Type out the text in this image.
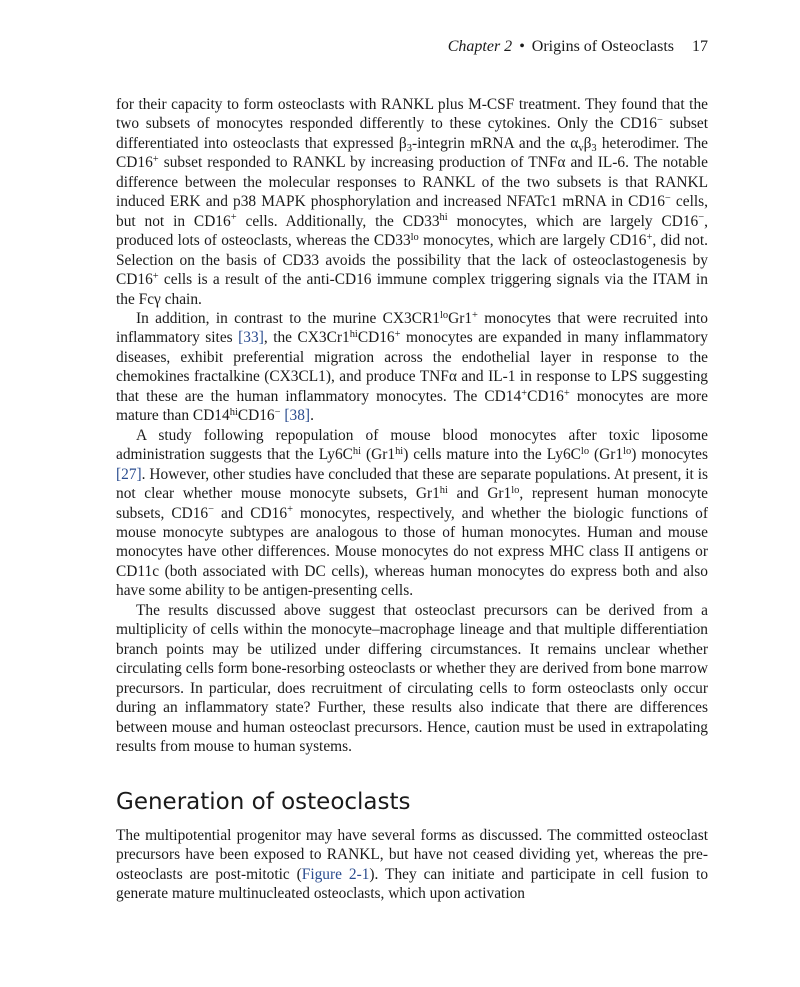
Chapter 2 • Origins of Osteoclasts 17

for their capacity to form osteoclasts with RANKL plus M-CSF treatment. They found that the two subsets of monocytes responded differently to these cytokines. Only the CD16− subset differentiated into osteoclasts that expressed $\beta_3$-integrin mRNA and the $\alpha_v\beta_3$ heterodimer. The CD16+ subset responded to RANKL by increasing production of TNFα and IL-6. The notable difference between the molecular responses to RANKL of the two subsets is that RANKL induced ERK and p38 MAPK phosphorylation and increased NFATc1 mRNA in CD16− cells, but not in CD16+ cells. Additionally, the $CD33^{hi}$ monocytes, which are largely CD16−, produced lots of osteoclasts, whereas the $CD33^{lo}$ monocytes, which are largely CD16+, did not. Selection on the basis of CD33 avoids the possibility that the lack of osteoclastogenesis by CD16+ cells is a result of the anti-CD16 immune complex triggering signals via the ITAM in the Fcγ chain.

In addition, in contrast to the murine $CX3CR1^{lo}Gr1^+$ monocytes that were recruited into inflammatory sites [33], the $CX3Cr1^{hi}CD16^+$ monocytes are expanded in many inflammatory diseases, exhibit preferential migration across the endothelial layer in response to the chemokines fractalkine (CX3CL1), and produce TNFα and IL-1 in response to LPS suggesting that these are the human inflammatory monocytes. The CD14+CD16+ monocytes are more mature than $CD14^{hi}CD16^-$ [38].

A study following repopulation of mouse blood monocytes after toxic liposome administration suggests that the $Ly6C^{hi}$ $(Gr1^{hi})$ cells mature into the $Ly6C^{lo}$ $(Gr1^{lo})$ monocytes [27]. However, other studies have concluded that these are separate populations. At present, it is not clear whether mouse monocyte subsets, $Gr1^{hi}$ and $Gr1^{lo}$, represent human monocyte subsets, CD16− and CD16+ monocytes, respectively, and whether the biologic functions of mouse monocyte subtypes are analogous to those of human monocytes. Human and mouse monocytes have other differences. Mouse monocytes do not express MHC class II antigens or CD11c (both associated with DC cells), whereas human monocytes do express both and also have some ability to be antigen-presenting cells.

The results discussed above suggest that osteoclast precursors can be derived from a multiplicity of cells within the monocyte–macrophage lineage and that multiple differentiation branch points may be utilized under differing circumstances. It remains unclear whether circulating cells form bone-resorbing osteoclasts or whether they are derived from bone marrow precursors. In particular, does recruitment of circulating cells to form osteoclasts only occur during an inflammatory state? Further, these results also indicate that there are differences between mouse and human osteoclast precursors. Hence, caution must be used in extrapolating results from mouse to human systems.

Generation of osteoclasts

The multipotential progenitor may have several forms as discussed. The committed osteoclast precursors have been exposed to RANKL, but have not ceased dividing yet, whereas the pre-osteoclasts are post-mitotic (Figure 2-1). They can initiate and participate in cell fusion to generate mature multinucleated osteoclasts, which upon activation
